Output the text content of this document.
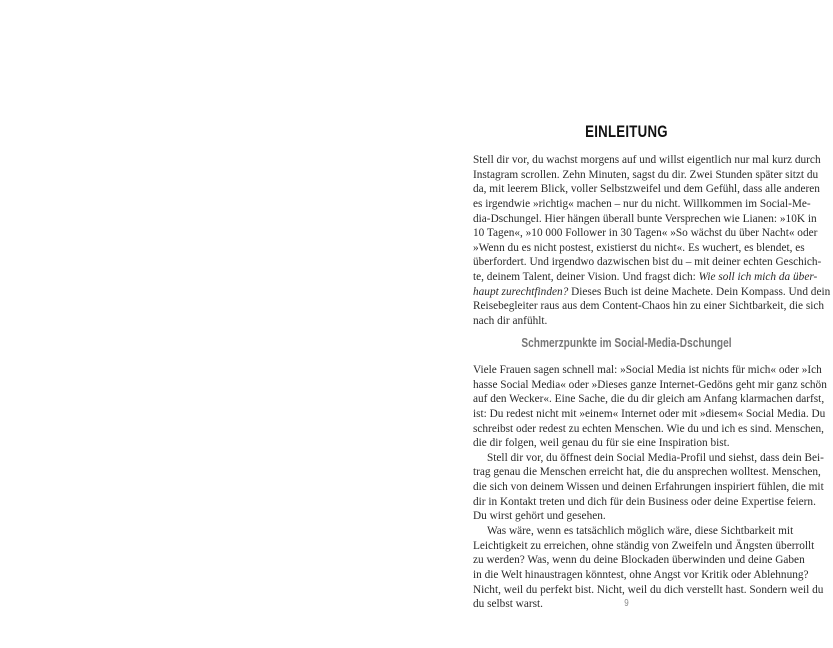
EINLEITUNG
Stell dir vor, du wachst morgens auf und willst eigentlich nur mal kurz durch
Instagram scrollen. Zehn Minuten, sagst du dir. Zwei Stunden später sitzt du
da, mit leerem Blick, voller Selbstzweifel und dem Gefühl, dass alle anderen
es irgendwie »richtig« machen – nur du nicht. Willkommen im Social-Me-
dia-Dschungel. Hier hängen überall bunte Versprechen wie Lianen: »10K in
10 Tagen«, »10 000 Follower in 30 Tagen« »So wächst du über Nacht« oder
»Wenn du es nicht postest, existierst du nicht«. Es wuchert, es blendet, es
überfordert. Und irgendwo dazwischen bist du – mit deiner echten Geschich-
te, deinem Talent, deiner Vision. Und fragst dich: Wie soll ich mich da über-
haupt zurechtfinden? Dieses Buch ist deine Machete. Dein Kompass. Und dein
Reisebegleiter raus aus dem Content-Chaos hin zu einer Sichtbarkeit, die sich
nach dir anfühlt.
Schmerzpunkte im Social-Media-Dschungel
Viele Frauen sagen schnell mal: »Social Media ist nichts für mich« oder »Ich
hasse Social Media« oder »Dieses ganze Internet-Gedöns geht mir ganz schön
auf den Wecker«. Eine Sache, die du dir gleich am Anfang klarmachen darfst,
ist: Du redest nicht mit »einem« Internet oder mit »diesem« Social Media. Du
schreibst oder redest zu echten Menschen. Wie du und ich es sind. Menschen,
die dir folgen, weil genau du für sie eine Inspiration bist.
Stell dir vor, du öffnest dein Social Media-Profil und siehst, dass dein Bei-
trag genau die Menschen erreicht hat, die du ansprechen wolltest. Menschen,
die sich von deinem Wissen und deinen Erfahrungen inspiriert fühlen, die mit
dir in Kontakt treten und dich für dein Business oder deine Expertise feiern.
Du wirst gehört und gesehen.
Was wäre, wenn es tatsächlich möglich wäre, diese Sichtbarkeit mit
Leichtigkeit zu erreichen, ohne ständig von Zweifeln und Ängsten überrollt
zu werden? Was, wenn du deine Blockaden überwinden und deine Gaben
in die Welt hinaustragen könntest, ohne Angst vor Kritik oder Ablehnung?
Nicht, weil du perfekt bist. Nicht, weil du dich verstellt hast. Sondern weil du
du selbst warst.	9
